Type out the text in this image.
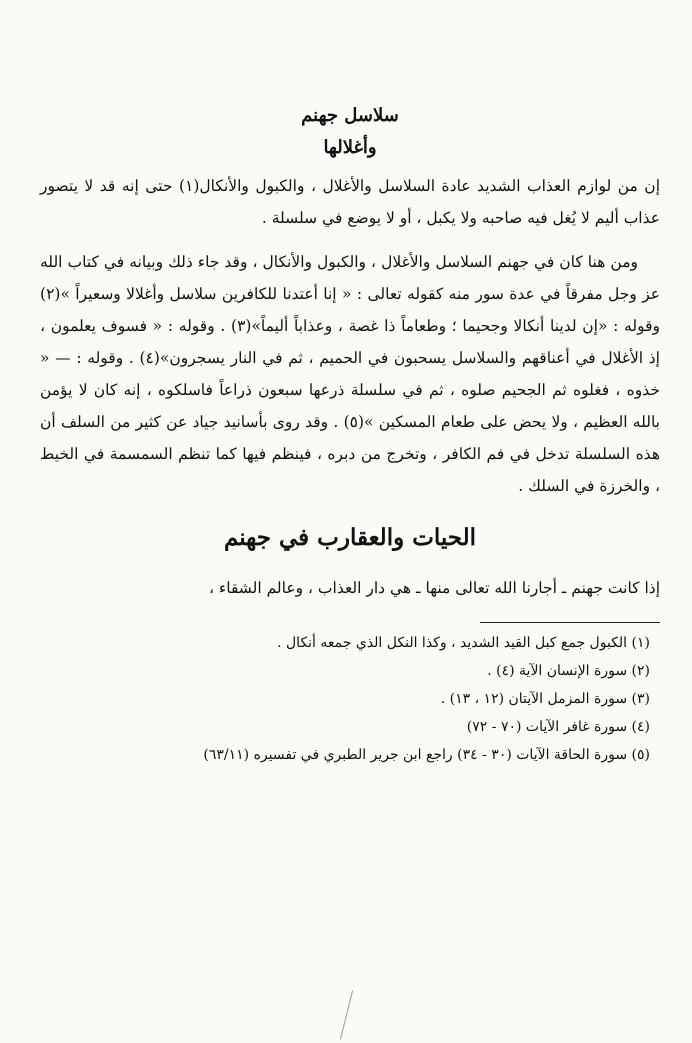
سلاسل جهنم
وأغلالها

إن من لوازم العذاب الشديد عادة السلاسل والأغلال ، والكبول والأنكال(١) حتى إنه قد لا يتصور عذاب أليم لا يُغل فيه صاحبه ولا يكبل ، أو لا يوضع في سلسلة .

ومن هنا كان في جهنم السلاسل والأغلال ، والكبول والأنكال ، وقد جاء ذلك وبيانه في كتاب الله عز وجل مفرقاً في عدة سور منه كقوله تعالى : « إنا أعتدنا للكافرين سلاسل وأغلالا وسعيراً »(٢) وقوله : «إن لدينا أنكالا وجحيما ؛ وطعاماً ذا غصة ، وعذاباً أليماً»(٣) . وقوله : « فسوف يعلمون ، إذ الأغلال في أعناقهم والسلاسل يسحبون في الحميم ، ثم في النار يسجرون»(٤) . وقوله : — « خذوه ، فغلوه ثم الجحيم صلوه ، ثم في سلسلة ذرعها سبعون ذراعاً فاسلكوه ، إنه كان لا يؤمن بالله العظيم ، ولا يحض على طعام المسكين »(٥) . وقد روى بأسانيد جياد عن كثير من السلف أن هذه السلسلة تدخل في فم الكافر ، وتخرج من دبره ، فينظم فيها كما تنظم السمسمة في الخيط ، والخرزة في السلك .

الحيات والعقارب في جهنم

إذا كانت جهنم ـ أجارنا الله تعالى منها ـ هي دار العذاب ، وعالم الشقاء ،

(١) الكبول جمع كبل القيد الشديد ، وكذا النكل الذي جمعه أنكال .
(٢) سورة الإنسان الآية (٤) .
(٣) سورة المزمل الآيتان (١٢ ، ١٣) .
(٤) سورة غافر الآيات (٧٠ - ٧٢)
(٥) سورة الحاقة الآيات (٣٠ - ٣٤) راجع ابن جرير الطبري في تفسيره (٦٣/١١)
